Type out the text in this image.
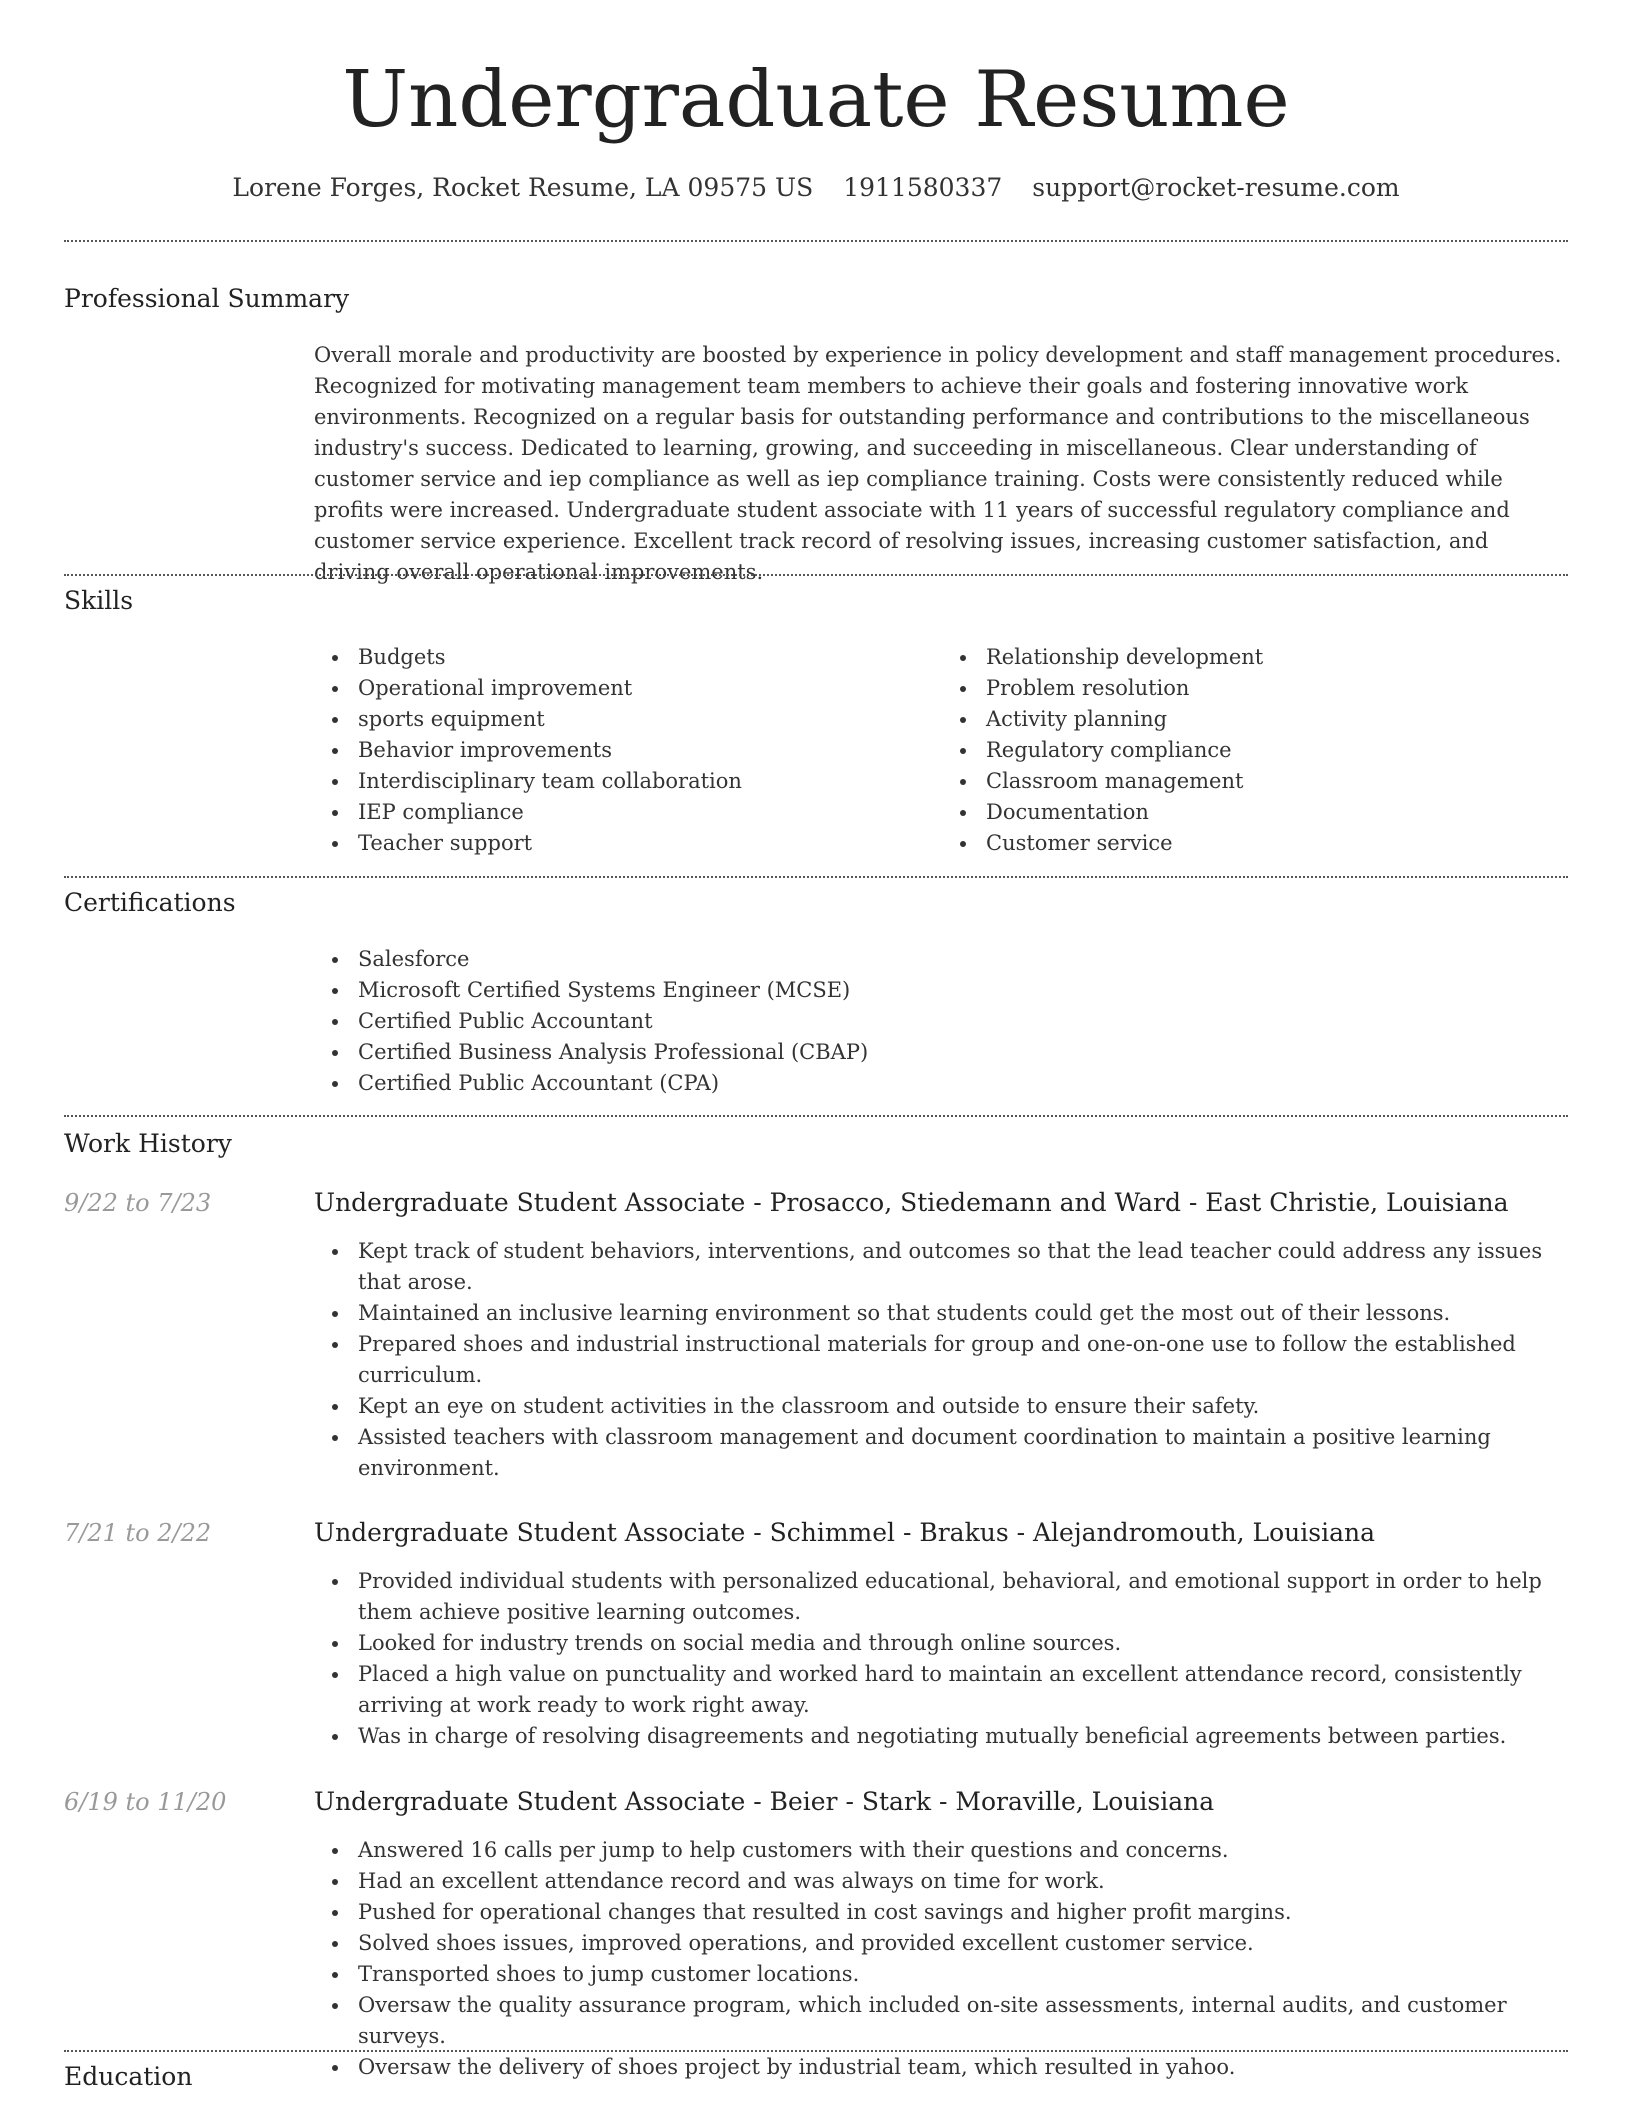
Undergraduate Resume
Lorene Forges, Rocket Resume, LA 09575 US 1911580337 support@rocket-resume.com
Professional Summary

Overall morale and productivity are boosted by experience in policy development and staff management procedures. Recognized for motivating management team members to achieve their goals and fostering innovative work environments. Recognized on a regular basis for outstanding performance and contributions to the miscellaneous industry's success. Dedicated to learning, growing, and succeeding in miscellaneous. Clear understanding of customer service and iep compliance as well as iep compliance training. Costs were consistently reduced while profits were increased. Undergraduate student associate with 11 years of successful regulatory compliance and customer service experience. Excellent track record of resolving issues, increasing customer satisfaction, and driving overall operational improvements.

Skills
Budgets
Operational improvement
sports equipment
Behavior improvements
Interdisciplinary team collaboration
IEP compliance
Teacher support
Relationship development
Problem resolution
Activity planning
Regulatory compliance
Classroom management
Documentation
Customer service
Certifications
Salesforce
Microsoft Certified Systems Engineer (MCSE)
Certified Public Accountant
Certified Business Analysis Professional (CBAP)
Certified Public Accountant (CPA)
Work History
9/22 to 7/23	Undergraduate Student Associate - Prosacco, Stiedemann and Ward - East Christie, Louisiana
Kept track of student behaviors, interventions, and outcomes so that the lead teacher could address any issues that arose.
Maintained an inclusive learning environment so that students could get the most out of their lessons.
Prepared shoes and industrial instructional materials for group and one-on-one use to follow the established curriculum.
Kept an eye on student activities in the classroom and outside to ensure their safety.
Assisted teachers with classroom management and document coordination to maintain a positive learning environment.
7/21 to 2/22	Undergraduate Student Associate - Schimmel - Brakus - Alejandromouth, Louisiana
Provided individual students with personalized educational, behavioral, and emotional support in order to help them achieve positive learning outcomes.
Looked for industry trends on social media and through online sources.
Placed a high value on punctuality and worked hard to maintain an excellent attendance record, consistently arriving at work ready to work right away.
Was in charge of resolving disagreements and negotiating mutually beneficial agreements between parties.
6/19 to 11/20	Undergraduate Student Associate - Beier - Stark - Moraville, Louisiana
Answered 16 calls per jump to help customers with their questions and concerns.
Had an excellent attendance record and was always on time for work.
Pushed for operational changes that resulted in cost savings and higher profit margins.
Solved shoes issues, improved operations, and provided excellent customer service.
Transported shoes to jump customer locations.
Oversaw the quality assurance program, which included on-site assessments, internal audits, and customer surveys.
Oversaw the delivery of shoes project by industrial team, which resulted in yahoo.
Education
